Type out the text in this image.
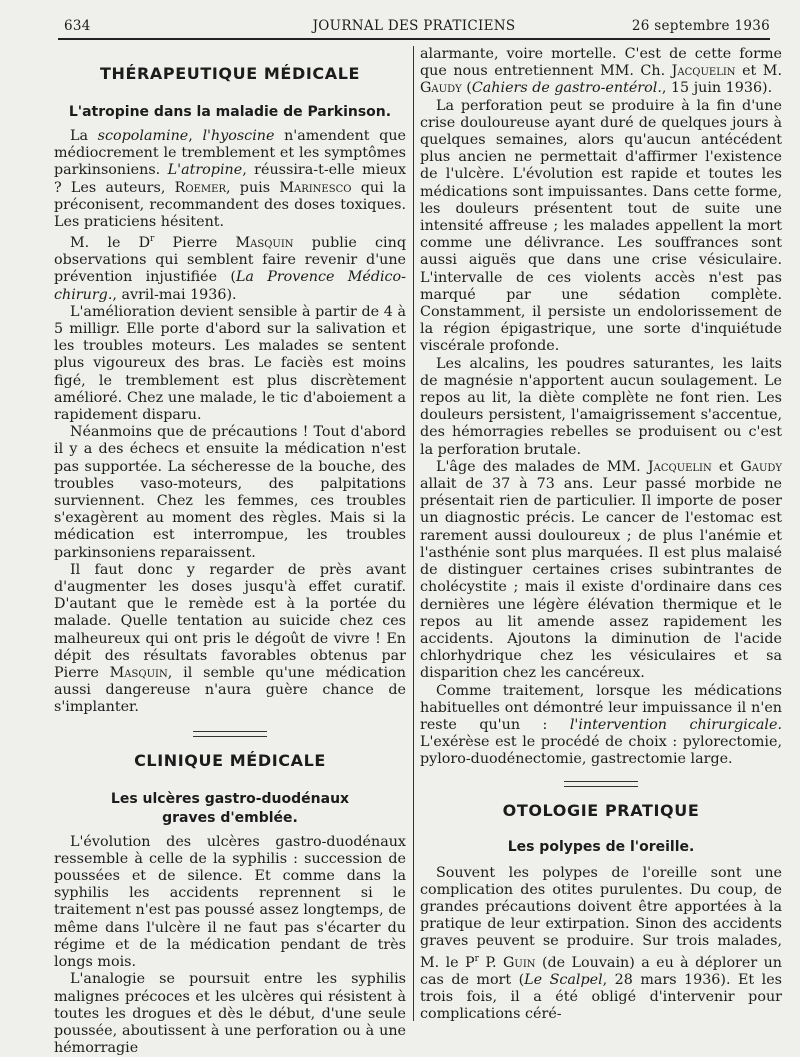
634	JOURNAL DES PRATICIENS	26 septembre 1936
THÉRAPEUTIQUE MÉDICALE
L'atropine dans la maladie de Parkinson.

La scopolamine, l'hyoscine n'amendent que médiocrement le tremblement et les symptômes parkinsoniens. L'atropine, réussira-t-elle mieux ? Les auteurs, Roemer, puis Marinesco qui la préconisent, recommandent des doses toxiques. Les praticiens hésitent.

M. le $D^r$ Pierre Masquin publie cinq observations qui semblent faire revenir d'une prévention injustifiée (La Provence Médico-chirurg., avril-mai 1936).

L'amélioration devient sensible à partir de 4 à 5 milligr. Elle porte d'abord sur la salivation et les troubles moteurs. Les malades se sentent plus vigoureux des bras. Le faciès est moins figé, le tremblement est plus discrètement amélioré. Chez une malade, le tic d'aboiement a rapidement disparu.

Néanmoins que de précautions ! Tout d'abord il y a des échecs et ensuite la médication n'est pas supportée. La sécheresse de la bouche, des troubles vaso-moteurs, des palpitations surviennent. Chez les femmes, ces troubles s'exagèrent au moment des règles. Mais si la médication est interrompue, les troubles parkinsoniens reparaissent.

Il faut donc y regarder de près avant d'augmenter les doses jusqu'à effet curatif. D'autant que le remède est à la portée du malade. Quelle tentation au suicide chez ces malheureux qui ont pris le dégoût de vivre ! En dépit des résultats favorables obtenus par Pierre Masquin, il semble qu'une médication aussi dangereuse n'aura guère chance de s'implanter.

CLINIQUE MÉDICALE
Les ulcères gastro-duodénaux
graves d'emblée.

L'évolution des ulcères gastro-duodénaux ressemble à celle de la syphilis : succession de poussées et de silence. Et comme dans la syphilis les accidents reprennent si le traitement n'est pas poussé assez longtemps, de même dans l'ulcère il ne faut pas s'écarter du régime et de la médication pendant de très longs mois.

L'analogie se poursuit entre les syphilis malignes précoces et les ulcères qui résistent à toutes les drogues et dès le début, d'une seule poussée, aboutissent à une perforation ou à une hémorragie

alarmante, voire mortelle. C'est de cette forme que nous entretiennent MM. Ch. Jacquelin et M. Gaudy (Cahiers de gastro-entérol., 15 juin 1936).

La perforation peut se produire à la fin d'une crise douloureuse ayant duré de quelques jours à quelques semaines, alors qu'aucun antécédent plus ancien ne permettait d'affirmer l'existence de l'ulcère. L'évolution est rapide et toutes les médications sont impuissantes. Dans cette forme, les douleurs présentent tout de suite une intensité affreuse ; les malades appellent la mort comme une délivrance. Les souffrances sont aussi aiguës que dans une crise vésiculaire. L'intervalle de ces violents accès n'est pas marqué par une sédation complète. Constamment, il persiste un endolorissement de la région épigastrique, une sorte d'inquiétude viscérale profonde.

Les alcalins, les poudres saturantes, les laits de magnésie n'apportent aucun soulagement. Le repos au lit, la diète complète ne font rien. Les douleurs persistent, l'amaigrissement s'accentue, des hémorragies rebelles se produisent ou c'est la perforation brutale.

L'âge des malades de MM. Jacquelin et Gaudy allait de 37 à 73 ans. Leur passé morbide ne présentait rien de particulier. Il importe de poser un diagnostic précis. Le cancer de l'estomac est rarement aussi douloureux ; de plus l'anémie et l'asthénie sont plus marquées. Il est plus malaisé de distinguer certaines crises subintrantes de cholécystite ; mais il existe d'ordinaire dans ces dernières une légère élévation thermique et le repos au lit amende assez rapidement les accidents. Ajoutons la diminution de l'acide chlorhydrique chez les vésiculaires et sa disparition chez les cancéreux.

Comme traitement, lorsque les médications habituelles ont démontré leur impuissance il n'en reste qu'un : l'intervention chirurgicale. L'exérèse est le procédé de choix : pylorectomie, pyloro-duodénectomie, gastrectomie large.

OTOLOGIE PRATIQUE
Les polypes de l'oreille.

Souvent les polypes de l'oreille sont une complication des otites purulentes. Du coup, de grandes précautions doivent être apportées à la pratique de leur extirpation. Sinon des accidents graves peuvent se produire. Sur trois malades, M. le $P^r$ P. Guin (de Louvain) a eu à déplorer un cas de mort (Le Scalpel, 28 mars 1936). Et les trois fois, il a été obligé d'intervenir pour complications céré-
